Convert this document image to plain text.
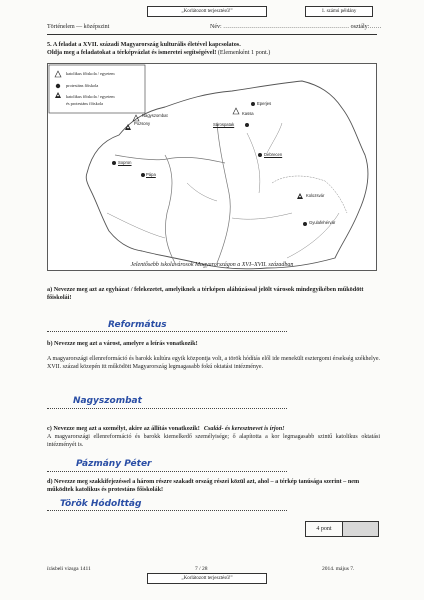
„Korlátozott terjesztésű!”	1. számú példány
Történelem — középszint	Név: ……………………………………………………… osztály:……
5. A feladat a XVII. századi Magyarország kulturális életével kapcsolatos.
Oldja meg a feladatokat a térképvázlat és ismeretei segítségével! (Elemenként 1 pont.)
katolikus főiskola / egyetem
protestáns főiskola
katolikus főiskola / egyetem
és protestáns főiskola
Nagyszombat
Pozsony
Sopron
Pápa
Eperjes
Kassa
Sárospatak
Debrecen
Kolozsvár
Gyulafehérvár
Jelentősebb iskolavárosok Magyarországon a XVI–XVII. században
a) Nevezze meg azt az egyházat / felekezetet, amelyiknek a térképen aláhúzással jelölt városok mindegyikében működött főiskolái!
Református
b) Nevezze meg azt a várost, amelyre a leírás vonatkozik!
A magyarországi ellenreformáció és barokk kultúra egyik központja volt, a török hódítás elől ide menekült esztergomi érsekség székhelye. XVII. század közepén itt működött Magyarország legmagasabb fokú oktatási intézménye.
Nagyszombat
c) Nevezze meg azt a személyt, akire az állítás vonatkozik! Család- és keresztnevet is írjon!
A magyarországi ellenreformáció és barokk kiemelkedő személyisége; ő alapította a kor legmagasabb szintű katolikus oktatási intézményét is.
Pázmány Péter
d) Nevezze meg szakkifejezéssel a három részre szakadt ország részei közül azt, ahol – a térkép tanúsága szerint – nem működtek katolikus és protestáns főiskolák!
Török Hódolttág
4 pont
írásbeli vizsga 1411	7 / 28	2014. május 7.
„Korlátozott terjesztésű!”
